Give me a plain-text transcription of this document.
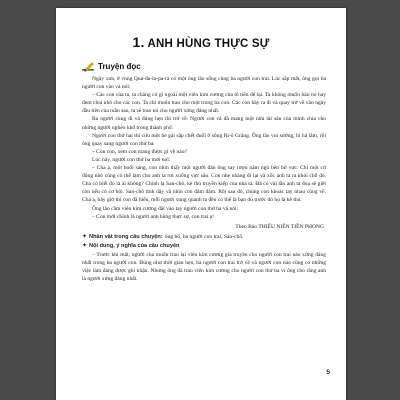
1. ANH HÙNG THỰC SỰ
Truyện đọc

Ngày xưa, ở vùng Qua-đa-la-pa-ra có một ông lão sống cùng ba người con trai. Lúc sắp mất, ông gọi ba người con vào và nói:

– Các con của ta, ta chẳng có gì ngoài một viên kim cương của tổ tiên để lại. Ta không muốn bán nó hay đem chia nhỏ cho các con. Ta chỉ muốn trao cho một trong ba con. Các con hãy ra đi và quay trở về vào ngày đầu tiên của tuần sau, ta sẽ trao nó cho người xứng đáng nhất.

Ba người cùng đi và đúng hẹn thì trở về. Người con cả đã mang một nửa tài sản của mình chia cho những người nghèo khổ trong thành phố.

Người con thứ hai thì cứu một bé gái sắp chết đuối ở sông Ri-ô Grăng. Ông lão vui sướng, hỉ hả lắm, rồi ông quay sang người con thứ ba:

– Còn con, xem con mang được gì về nào?

Lúc này, người con thứ ba mới nói:

– Cha ạ, một buổi sáng, con nhìn thấy một người đàn ông say rượu nằm ngủ bên bờ vực. Chỉ một cử động nhỏ cũng có thể làm cho anh ta rơi xuống vực sâu. Con nhẹ nhàng đi lại và xốc anh ta ra khỏi chỗ đó. Cha có biết đó là ai không? Chính là San-chô, kẻ thù truyền kiếp của nhà ta. Đã có vài lần anh ta doạ sẽ giết con nếu có cơ hội. San-chô tỉnh dậy và nhìn con đăm đăm. Rồi sau đó, chúng con khoác tay nhau cùng về. Cha ạ, bây giờ thì con đã hiểu, mỗi người xung quanh ta đều có thể là bạn dù trước đó họ là kẻ thù.

Ông lão cầm viên kim cương đặt vào tay người con thứ ba và nói:

– Con mới chính là người anh hùng thực sự, con trai ạ!

Theo Báo THIẾU NIÊN TIỀN PHONG

✦ Nhân vật trong câu chuyện: ông bố, ba người con trai, San-chô.
✦ Nội dung, ý nghĩa của câu chuyện

– Trước khi mất, người cha muốn trao lại viên kim cương gia truyền cho người con trai nào xứng đáng nhất trong ba người con. Đúng như thời gian hẹn, ba người con trai trở về và người con nào cũng có những việc làm đáng được ghi nhận. Nhưng ông đã trao viên kim cương cho người con thứ ba vì ông cho rằng anh là người xứng đáng nhất.

5
